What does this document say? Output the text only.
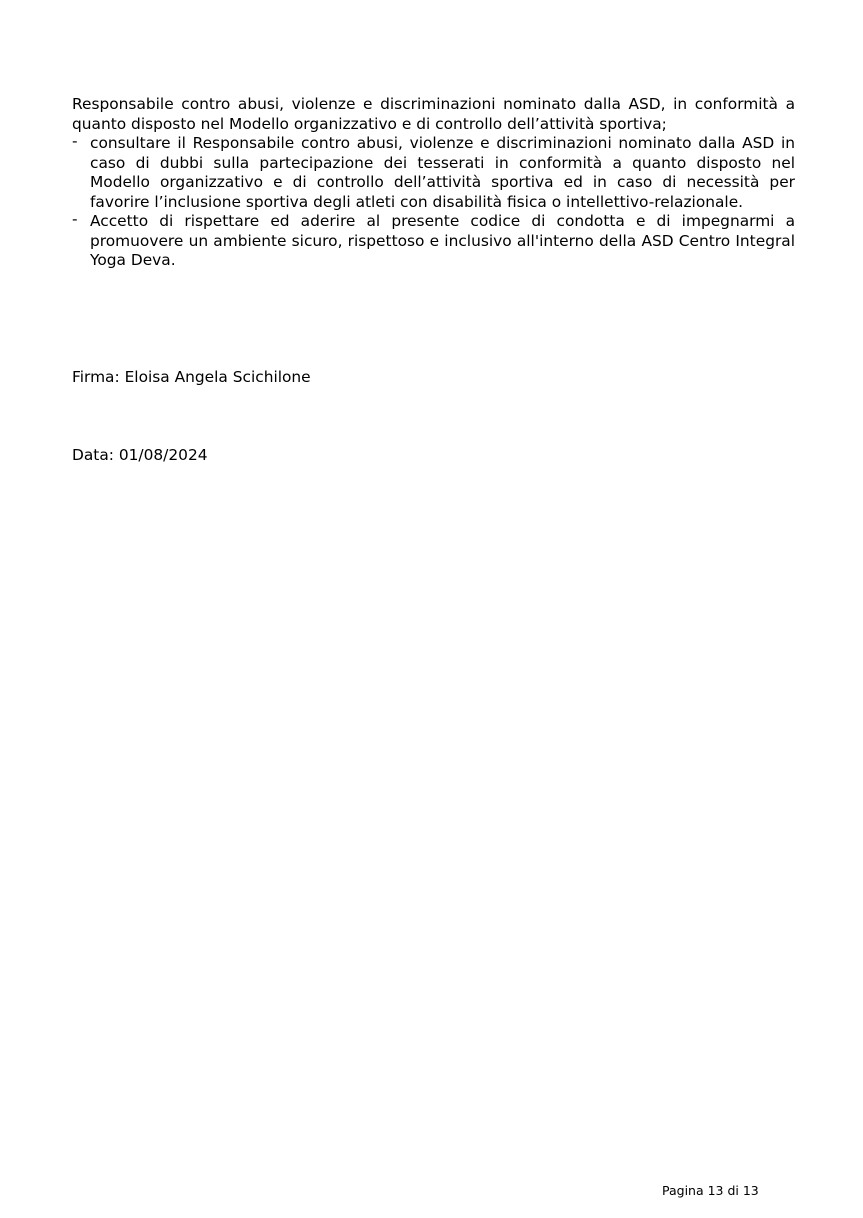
Responsabile contro abusi, violenze e discriminazioni nominato dalla ASD, in conformità a quanto disposto nel Modello organizzativo e di controllo dell’attività sportiva;

- consultare il Responsabile contro abusi, violenze e discriminazioni nominato dalla ASD in caso di dubbi sulla partecipazione dei tesserati in conformità a quanto disposto nel Modello organizzativo e di controllo dell’attività sportiva ed in caso di necessità per favorire l’inclusione sportiva degli atleti con disabilità fisica o intellettivo-relazionale.
- Accetto di rispettare ed aderire al presente codice di condotta e di impegnarmi a promuovere un ambiente sicuro, rispettoso e inclusivo all'interno della ASD Centro Integral Yoga Deva.
Firma: Eloisa Angela Scichilone
Data: 01/08/2024
Pagina 13 di 13
